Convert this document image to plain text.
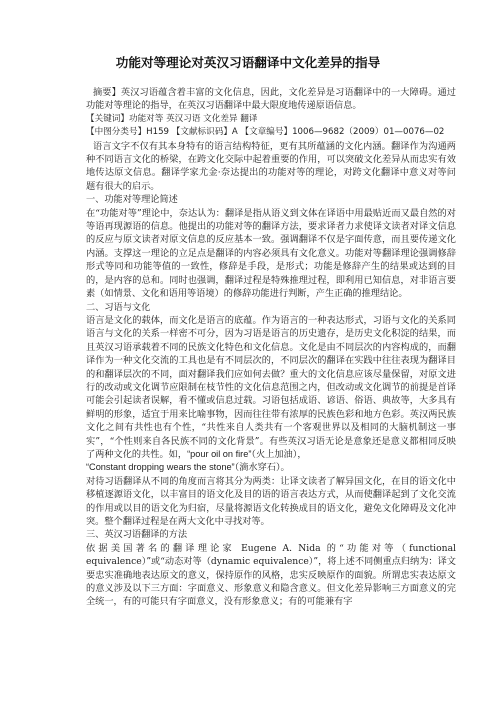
功能对等理论对英汉习语翻译中文化差异的指导

摘要】英汉习语蕴含着丰富的文化信息，因此，文化差异是习语翻译中的一大障碍。通过功能对等理论的指导，在英汉习语翻译中最大限度地传递原语信息。

【关键词】功能对等 英汉习语 文化差异 翻译

【中图分类号】H159 【文献标识码】A 【文章编号】1006—9682（2009）01—0076—02

语言文字不仅有其本身特有的语言结构特征，更有其所蕴涵的文化内涵。翻译作为沟通两种不同语言文化的桥梁，在跨文化交际中起着重要的作用，可以突破文化差异从而忠实有效地传达原文信息。翻译学家尤金·奈达提出的功能对等的理论，对跨文化翻译中意义对等问题有很大的启示。

一、功能对等理论简述

在“功能对等”理论中，奈达认为：翻译是指从语义到文体在译语中用最贴近而又最自然的对等语再现源语的信息。他提出的功能对等的翻译方法，要求译者力求使译文读者对译文信息的反应与原文读者对原文信息的反应基本一致。强调翻译不仅是字面传意，而且要传递文化内涵。支撑这一理论的立足点是翻译的内容必须具有文化意义。功能对等翻译理论强调修辞形式等同和功能等值的一致性，修辞是手段，是形式；功能是修辞产生的结果或达到的目的，是内容的总和。同时也强调，翻译过程是特殊推理过程，即利用已知信息，对非语言要素（如情景、文化和语用等语境）的修辞功能进行判断，产生正确的推理结论。

二、习语与文化

语言是文化的载体，而文化是语言的底蕴。作为语言的一种表达形式，习语与文化的关系同语言与文化的关系一样密不可分，因为习语是语言的历史遗存，是历史文化积淀的结果，而且英汉习语承载着不同的民族文化特色和文化信息。文化是由不同层次的内容构成的，而翻译作为一种文化交流的工具也是有不同层次的，不同层次的翻译在实践中往往表现为翻译目的和翻译层次的不同，面对翻译我们应如何去做？重大的文化信息应该尽量保留，对原文进行的改动或文化调节应限制在枝节性的文化信息范围之内，但改动或文化调节的前提是首译可能会引起读者误解，看不懂或信息过载。习语包括成语、谚语、俗语、典故等，大多具有鲜明的形象，适宜于用来比喻事物，因而往往带有浓厚的民族色彩和地方色彩。英汉两民族文化之间有共性也有个性，“共性来自人类共有一个客观世界以及相同的大脑机制这一事实”，“个性则来自各民族不同的文化背景”。有些英汉习语无论是意象还是意义都相同反映了两种文化的共性。如，“pour oil on fire”（火上加油），
“Constant dropping wears the stone”（滴水穿石）。

对待习语翻译从不同的角度而言将其分为两类：让译文读者了解异国文化，在目的语文化中移植逐源语文化，以丰富目的语文化及目的语的语言表达方式，从而使翻译起到了文化交流的作用或以目的语文化为归宿，尽量将源语文化转换成目的语文化，避免文化障碍及文化冲突。整个翻译过程是在两大文化中寻找对等。

三、英汉习语翻译的方法

依据美国著名的翻译理论家 Eugene A. Nida 的“功能对等（functional equivalence）”或“动态对等（dynamic equivalence）”，将上述不同侧重点归纳为：译文要忠实准确地表达原文的意义，保持原作的风格，忠实反映原作的面貌。所谓忠实表达原文的意义涉及以下三方面：字面意义、形象意义和隐含意义。但文化差异影响三方面意义的完全统一，有的可能只有字面意义，没有形象意义；有的可能兼有字
